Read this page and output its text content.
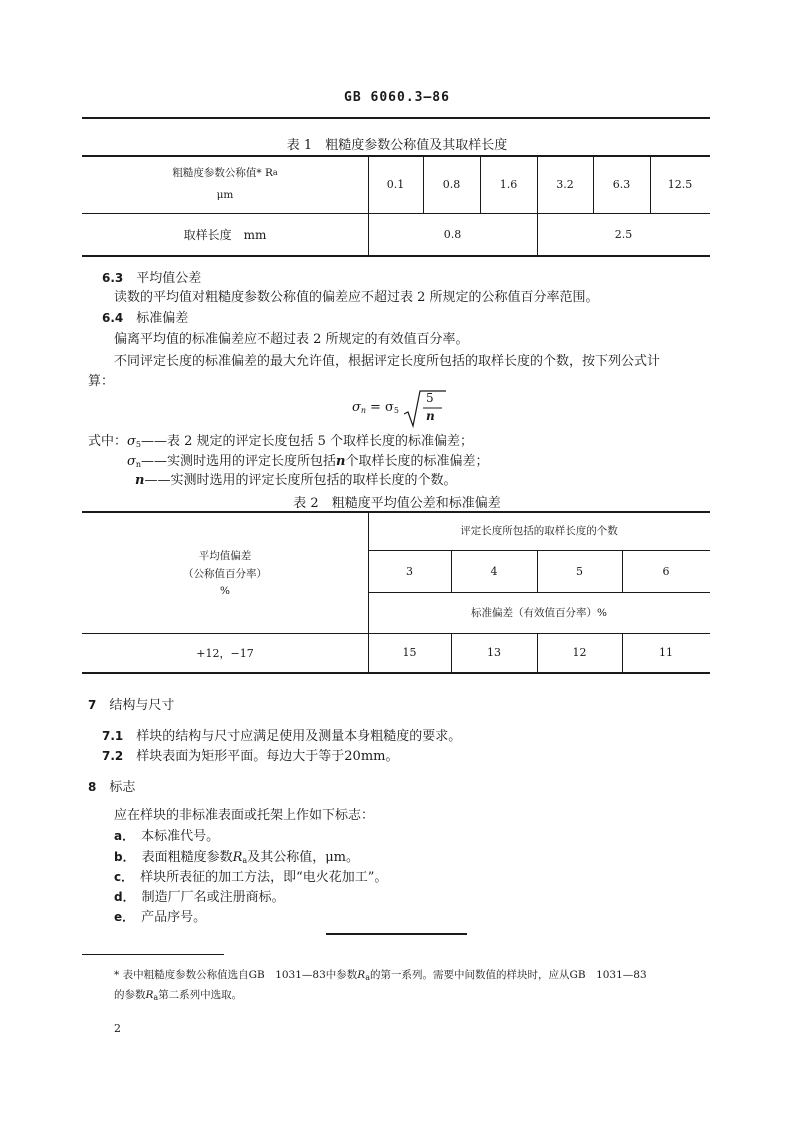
GB 6060.3—86
表 1　粗糙度参数公称值及其取样长度
粗糙度参数公称值* R a
μm
0.1	0.8	1.6	3.2	6.3	12.5
取样长度　mm	0.8	2.5
6.3　 平均值公差
读数的平均值对粗糙度参数公称值的偏差应不超过表 2 所规定的公称值百分率范围。
6.4　 标准偏差
偏离平均值的标准偏差应不超过表 2 所规定的有效值百分率。
不同评定长度的标准偏差的最大允许值，根据评定长度所包括的取样长度的个数，按下列公式计
算：
$\sigma_n = \sigma_5$
5
n
式中：$\sigma_5——$表 2 规定的评定长度包括 5 个取样长度的标准偏差；
$\sigma_n——$实测时选用的评定长度所包括n个取样长度的标准偏差；
n——实测时选用的评定长度所包括的取样长度的个数。
表 2　粗糙度平均值公差和标准偏差
平均值偏差
（公称值百分率）
%
评定长度所包括的取样长度的个数
3	4	5	6
标准偏差（有效值百分率）%
+12，−17	15	13	12	11
7　 结构与尺寸
7.1　 样块的结构与尺寸应满足使用及测量本身粗糙度的要求。
7.2　 样块表面为矩形平面。每边大于等于20mm。
8　 标志
应在样块的非标准表面或托架上作如下标志：
a．　 本标准代号。
b．　 表面粗糙度参数$R_a$及其公称值，μm。
c．　 样块所表征的加工方法，即“电火花加工”。
d．　 制造厂厂名或注册商标。
e．　 产品序号。
* 表中粗糙度参数公称值选自GB　1031—83中参数$R_a$的第一系列。需要中间数值的样块时，应从GB　1031—83
的参数$R_a$第二系列中选取。
2
